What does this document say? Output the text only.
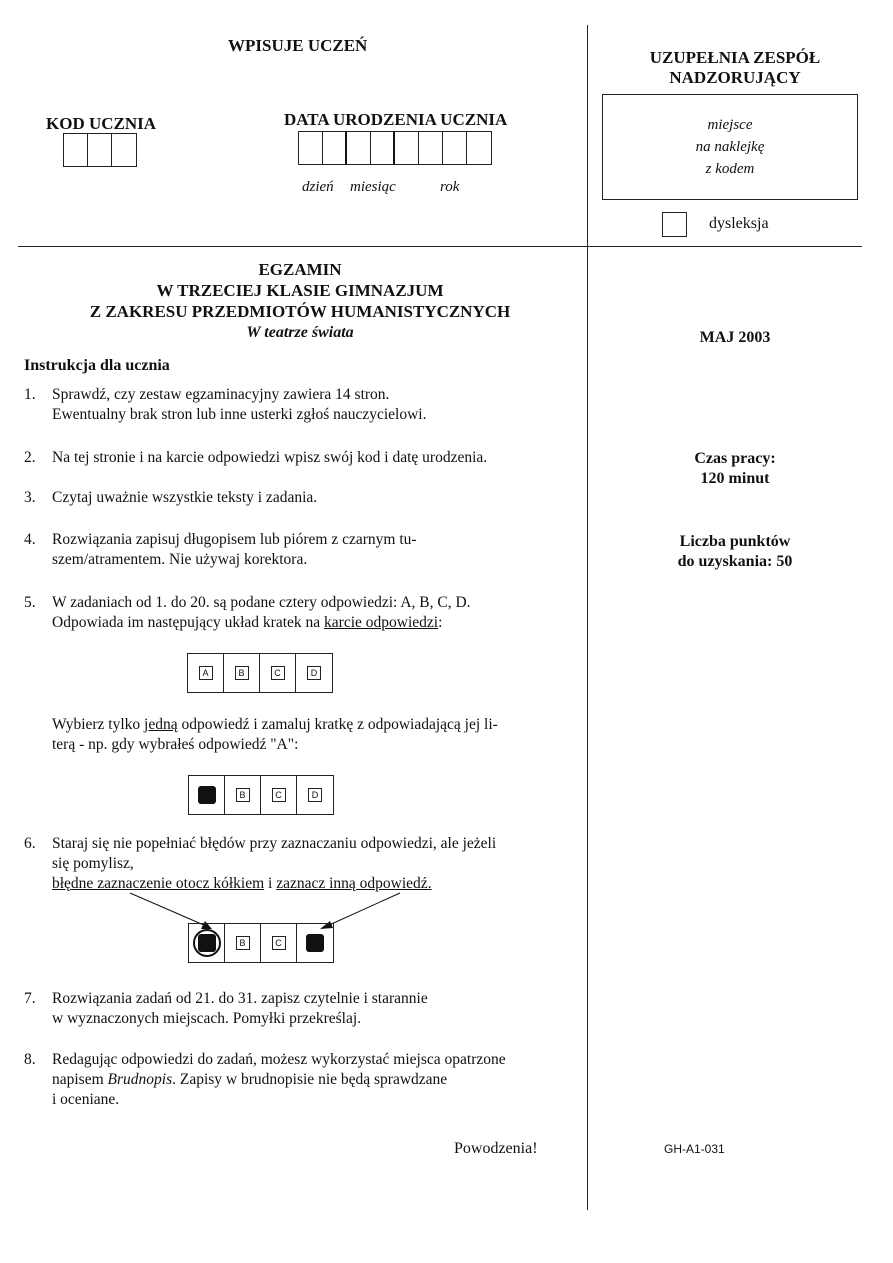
WPISUJE UCZEŃ
KOD UCZNIA	DATA URODZENIA UCZNIA
dzień miesiąc	rok
UZUPEŁNIA ZESPÓŁ
NADZORUJĄCY
miejsce
na naklejkę
z kodem
dysleksja
EGZAMIN
W TRZECIEJ KLASIE GIMNAZJUM
Z ZAKRESU PRZEDMIOTÓW HUMANISTYCZNYCH
W teatrze świata	MAJ 2003
Czas pracy:
120 minut
Liczba punktów
do uzyskania: 50
Instrukcja dla ucznia
1. Sprawdź, czy zestaw egzaminacyjny zawiera 14 stron.
Ewentualny brak stron lub inne usterki zgłoś nauczycielowi.
2. Na tej stronie i na karcie odpowiedzi wpisz swój kod i datę urodzenia.
3. Czytaj uważnie wszystkie teksty i zadania.
4. Rozwiązania zapisuj długopisem lub piórem z czarnym tu-
szem/atramentem. Nie używaj korektora.
5. W zadaniach od 1. do 20. są podane cztery odpowiedzi: A, B, C, D.
Odpowiada im następujący układ kratek na karcie odpowiedzi:
A	B	C	D
Wybierz tylko jedną odpowiedź i zamaluj kratkę z odpowiadającą jej li-
terą - np. gdy wybrałeś odpowiedź "A":
B	C	D
6. Staraj się nie popełniać błędów przy zaznaczaniu odpowiedzi, ale jeżeli
się pomylisz,
błędne zaznaczenie otocz kółkiem i zaznacz inną odpowiedź.
B	C
7. Rozwiązania zadań od 21. do 31. zapisz czytelnie i starannie
w wyznaczonych miejscach. Pomyłki przekreślaj.
8. Redagując odpowiedzi do zadań, możesz wykorzystać miejsca opatrzone
napisem Brudnopis. Zapisy w brudnopisie nie będą sprawdzane
i oceniane.
Powodzenia!	GH-A1-031
